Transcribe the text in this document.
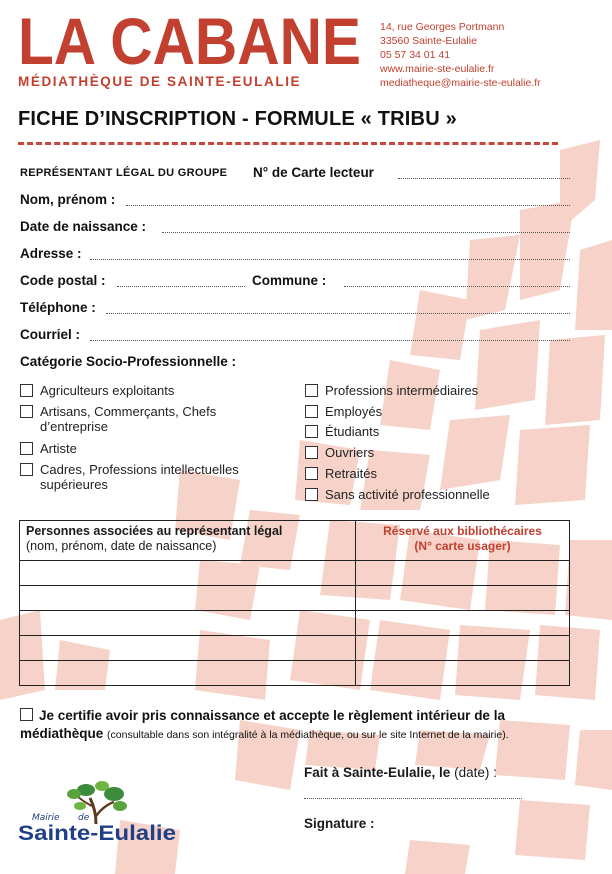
LA CABANE
MÉDIATHÈQUE DE SAINTE-EULALIE
14, rue Georges Portmann
33560 Sainte-Eulalie
05 57 34 01 41
www.mairie-ste-eulalie.fr
mediatheque@mairie-ste-eulalie.fr
FICHE D’INSCRIPTION - FORMULE « TRIBU »
REPRÉSENTANT LÉGAL DU GROUPE N° de Carte lecteur
Nom, prénom :
Date de naissance :
Adresse :
Code postal :	Commune :
Téléphone :
Courriel :
Catégorie Socio-Professionnelle :
Agriculteurs exploitants
Artisans, Commerçants, Chefs d’entreprise
Artiste
Cadres, Professions intellectuelles supérieures
Professions intermédiaires
Employés
Étudiants
Ouvriers
Retraités
Sans activité professionnelle
Personnes associées au représentant légal
(nom, prénom, date de naissance)	Réservé aux bibliothécaires
(N° carte usager)

Je certifie avoir pris connaissance et accepte le règlement intérieur de la médiathèque (consultable dans son intégralité à la médiathèque, ou sur le site Internet de la mairie).
Fait à Sainte-Eulalie, le (date) :
Signature :
Mairie de
Sainte-Eulalie
